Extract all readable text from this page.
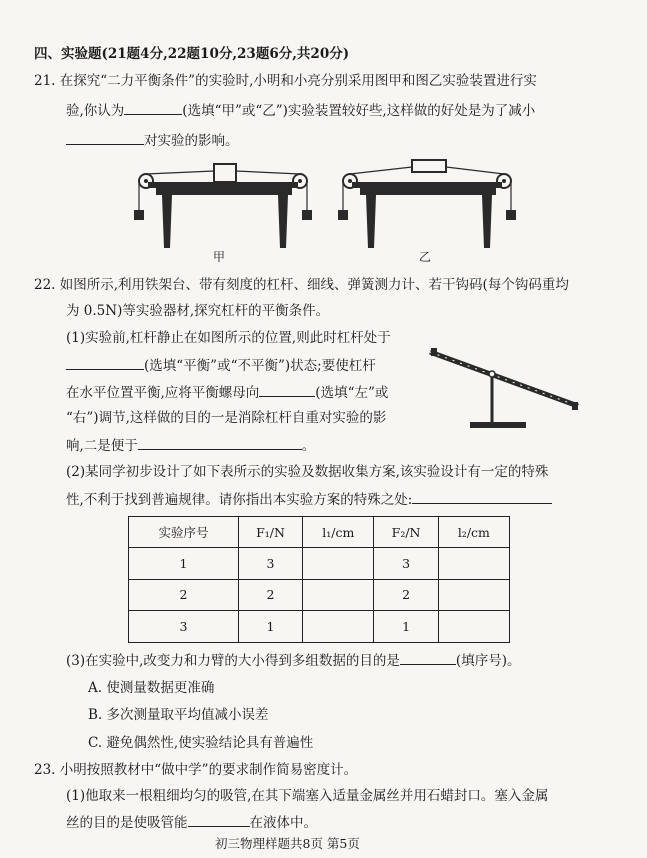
四、实验题(21题4分,22题10分,23题6分,共20分)
21. 在探究“二力平衡条件”的实验时,小明和小亮分别采用图甲和图乙实验装置进行实
验,你认为	(选填“甲”或“乙”)实验装置较好些,这样做的好处是为了减小
对实验的影响。
甲	乙
22. 如图所示,利用铁架台、带有刻度的杠杆、细线、弹簧测力计、若干钩码(每个钩码重均
为 0.5N)等实验器材,探究杠杆的平衡条件。
(1)实验前,杠杆静止在如图所示的位置,则此时杠杆处于
(选填“平衡”或“不平衡”)状态;要使杠杆
在水平位置平衡,应将平衡螺母向	(选填“左”或
“右”)调节,这样做的目的一是消除杠杆自重对实验的影
响,二是便于	。
(2)某同学初步设计了如下表所示的实验及数据收集方案,该实验设计有一定的特殊
性,不利于找到普遍规律。请你指出本实验方案的特殊之处:
实验序号	F₁/N	l₁/cm	F₂/N	l₂/cm
1	3		3	
2	2		2	
3	1		1	
(3)在实验中,改变力和力臂的大小得到多组数据的目的是	(填序号)。
A. 使测量数据更准确
B. 多次测量取平均值减小误差
C. 避免偶然性,使实验结论具有普遍性
23. 小明按照教材中“做中学”的要求制作简易密度计。
(1)他取来一根粗细均匀的吸管,在其下端塞入适量金属丝并用石蜡封口。塞入金属
丝的目的是使吸管能	在液体中。
初三物理样题共8页 第5页
